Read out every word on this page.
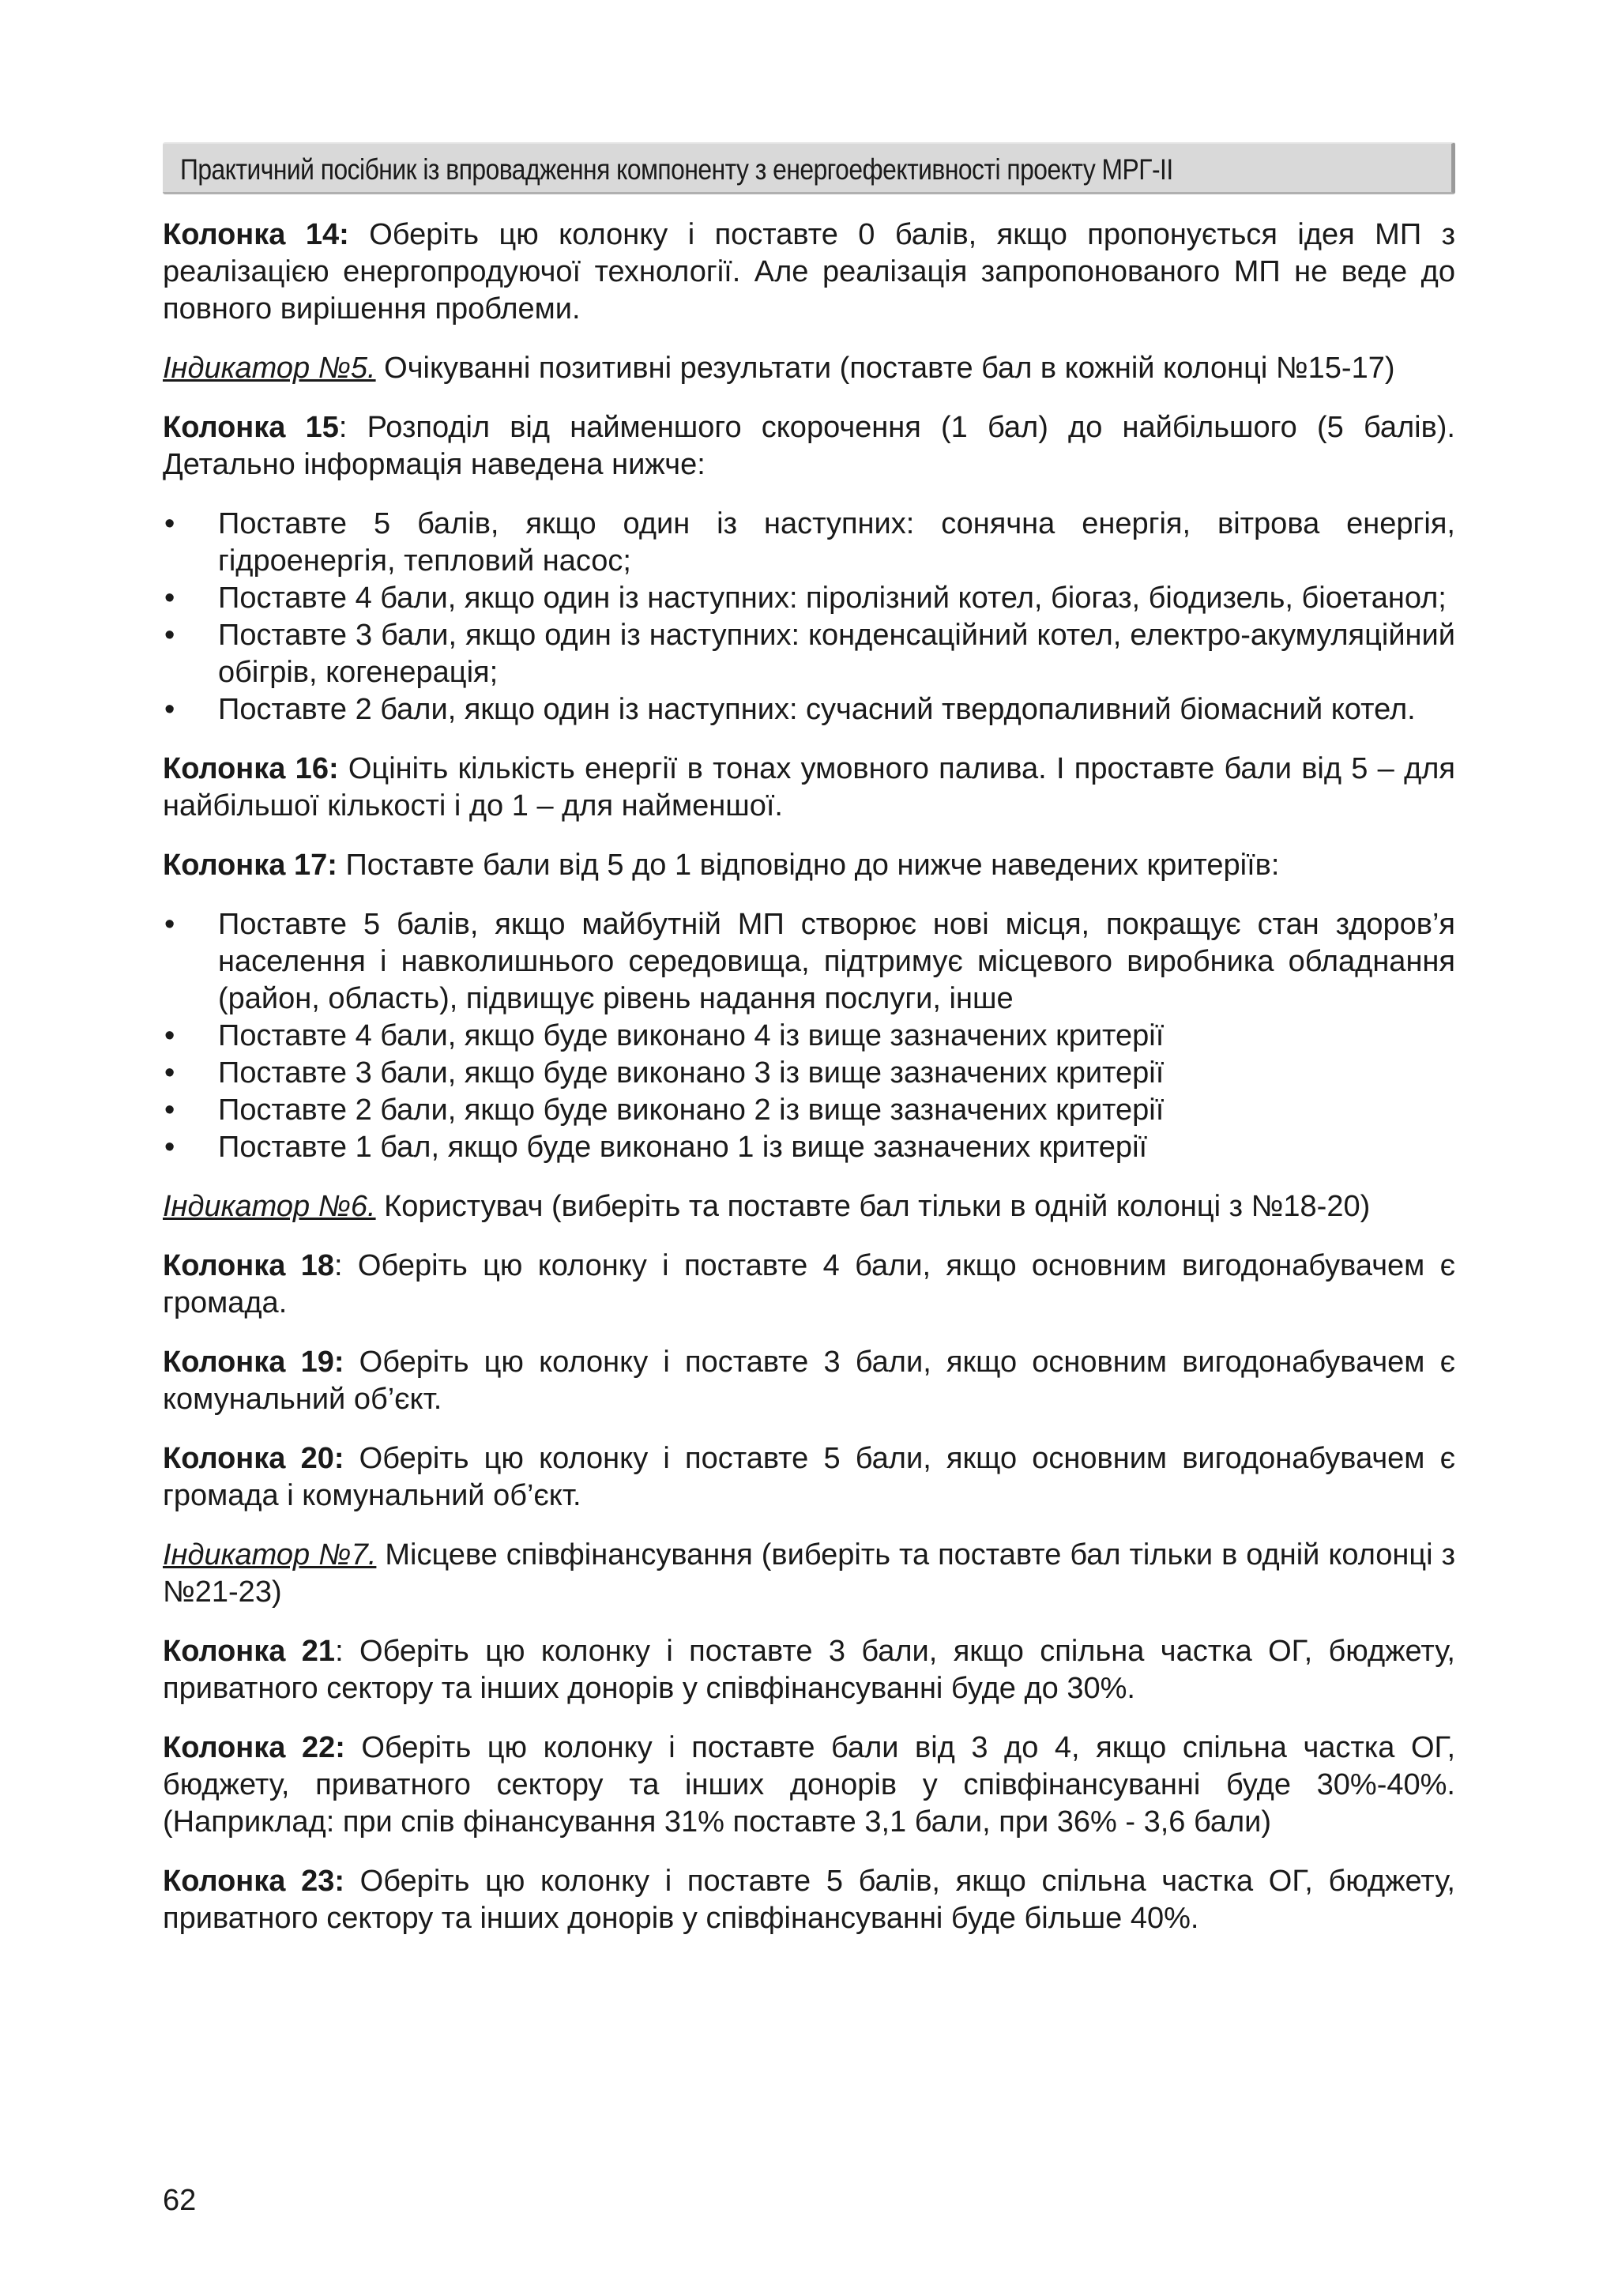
Практичний посібник із впровадження компоненту з енергоефективності проекту МРГ-ІІ

Колонка 14: Оберіть цю колонку і поставте 0 балів, якщо пропонується ідея МП з реалізацією енергопродуючої технології. Але реалізація запропонованого МП не веде до повного вирішення проблеми.

Індикатор №5. Очікуванні позитивні результати (поставте бал в кожній колонці №15-17)

Колонка 15: Розподіл від найменшого скорочення (1 бал) до найбільшого (5 балів). Детально інформація наведена нижче:

• Поставте 5 балів, якщо один із наступних: сонячна енергія, вітрова енергія, гідроенергія, тепловий насос;
• Поставте 4 бали, якщо один із наступних: піролізний котел, біогаз, біодизель, біоетанол;
• Поставте 3 бали, якщо один із наступних: конденсаційний котел, електро-акумуляційний обігрів, когенерація;
• Поставте 2 бали, якщо один із наступних: сучасний твердопаливний біомасний котел.

Колонка 16: Оцініть кількість енергії в тонах умовного палива. І проставте бали від 5 – для найбільшої кількості і до 1 – для найменшої.

Колонка 17: Поставте бали від 5 до 1 відповідно до нижче наведених критеріїв:

• Поставте 5 балів, якщо майбутній МП створює нові місця, покращує стан здоров’я населення і навколишнього середовища, підтримує місцевого виробника обладнання (район, область), підвищує рівень надання послуги, інше
• Поставте 4 бали, якщо буде виконано 4 із вище зазначених критерії
• Поставте 3 бали, якщо буде виконано 3 із вище зазначених критерії
• Поставте 2 бали, якщо буде виконано 2 із вище зазначених критерії
• Поставте 1 бал, якщо буде виконано 1 із вище зазначених критерії

Індикатор №6. Користувач (виберіть та поставте бал тільки в одній колонці з №18-20)

Колонка 18: Оберіть цю колонку і поставте 4 бали, якщо основним вигодонабувачем є громада.

Колонка 19: Оберіть цю колонку і поставте 3 бали, якщо основним вигодонабувачем є комунальний об’єкт.

Колонка 20: Оберіть цю колонку і поставте 5 бали, якщо основним вигодонабувачем є громада і комунальний об’єкт.

Індикатор №7. Місцеве співфінансування (виберіть та поставте бал тільки в одній колонці з №21-23)

Колонка 21: Оберіть цю колонку і поставте 3 бали, якщо спільна частка ОГ, бюджету, приватного сектору та інших донорів у співфінансуванні буде до 30%.

Колонка 22: Оберіть цю колонку і поставте бали від 3 до 4, якщо спільна частка ОГ, бюджету, приватного сектору та інших донорів у співфінансуванні буде 30%-40%. (Наприклад: при спів фінансування 31% поставте 3,1 бали, при 36% - 3,6 бали)

Колонка 23: Оберіть цю колонку і поставте 5 балів, якщо спільна частка ОГ, бюджету, приватного сектору та інших донорів у співфінансуванні буде більше 40%.

62
